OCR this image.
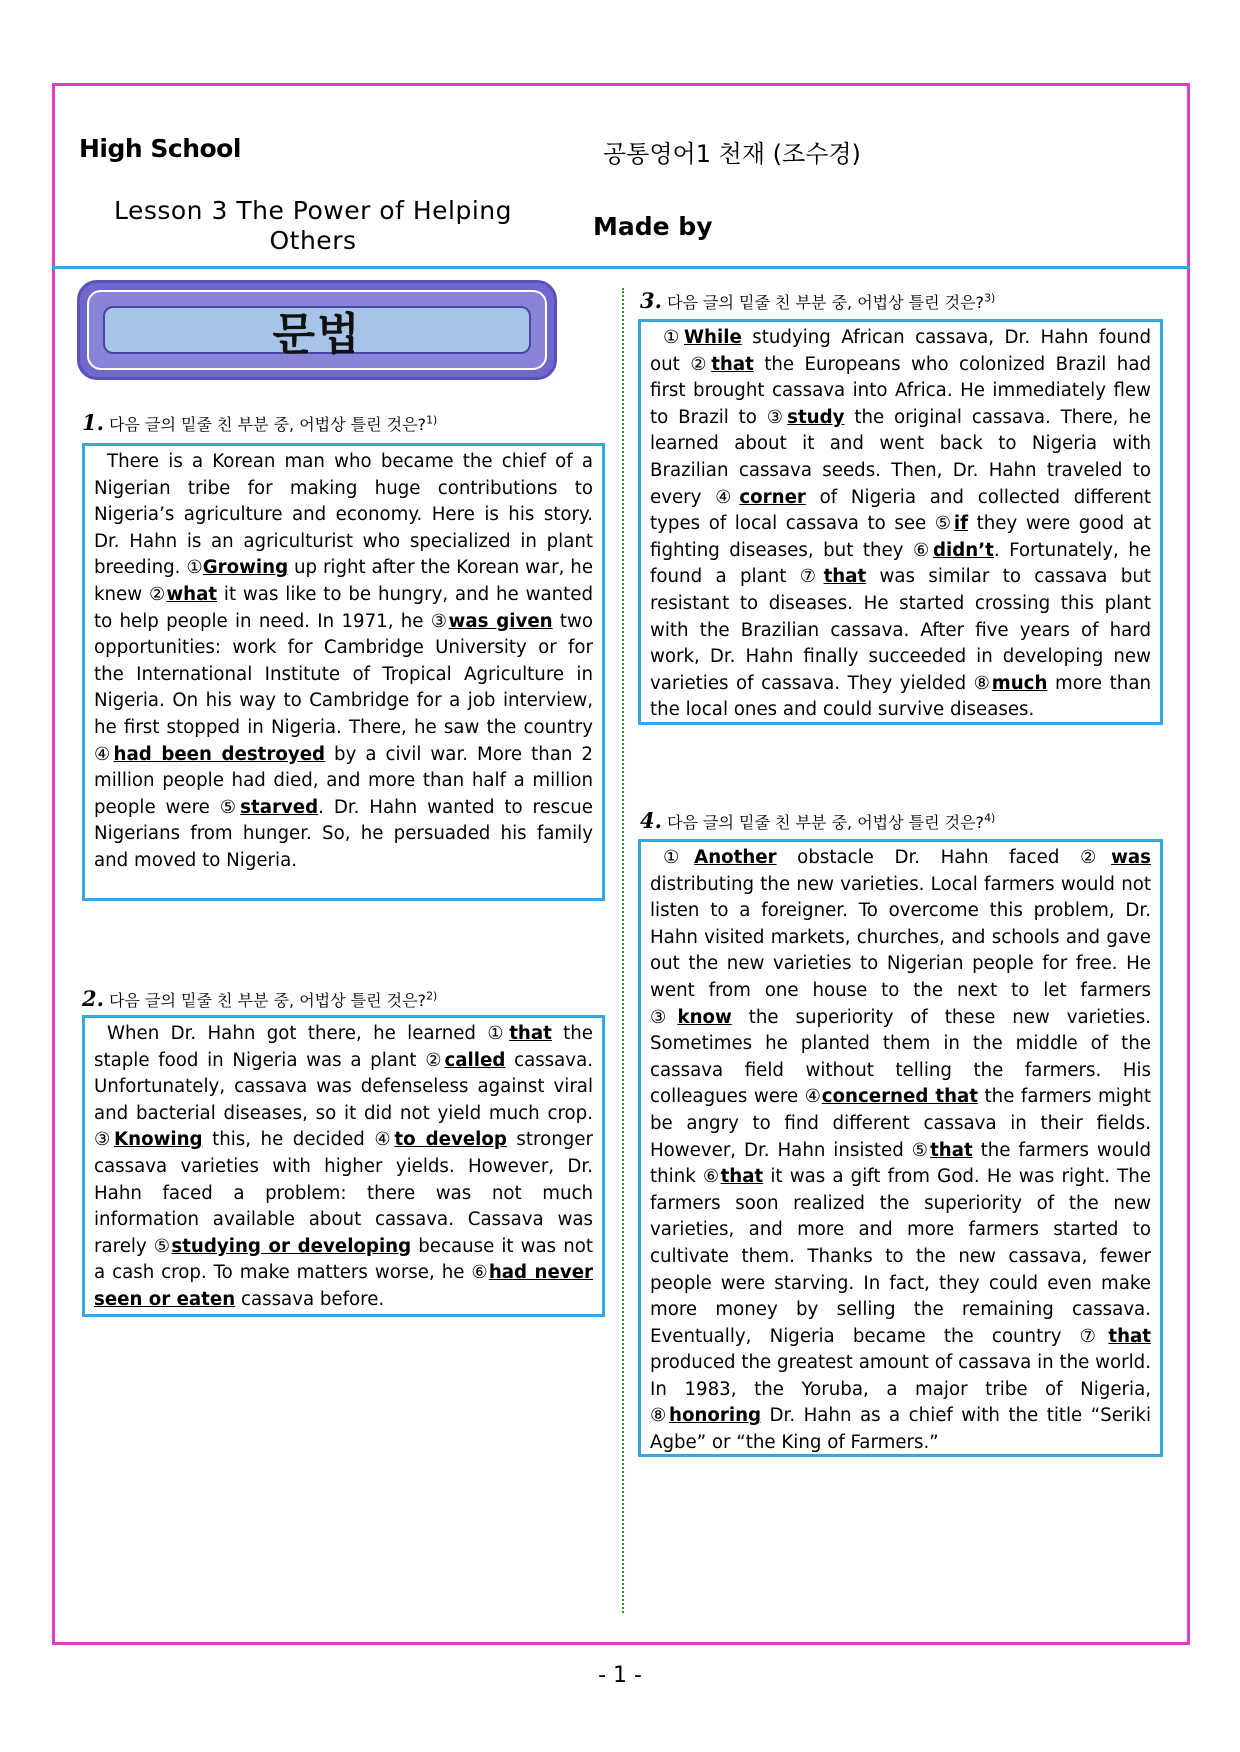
High School	공통영어1 천재 (조수경)
Lesson 3 The Power of Helping Others	Made by
문법
1. 다음 글의 밑줄 친 부분 중, 어법상 틀린 것은?$^{1)}$

There is a Korean man who became the chief of a Nigerian tribe for making huge contributions to Nigeria’s agriculture and economy. Here is his story. Dr. Hahn is an agriculturist who specialized in plant breeding. ①Growing up right after the Korean war, he knew ②what it was like to be hungry, and he wanted to help people in need. In 1971, he ③was given two opportunities: work for Cambridge University or for the International Institute of Tropical Agriculture in Nigeria. On his way to Cambridge for a job interview, he first stopped in Nigeria. There, he saw the country ④had been destroyed by a civil war. More than 2 million people had died, and more than half a million people were ⑤starved. Dr. Hahn wanted to rescue Nigerians from hunger. So, he persuaded his family and moved to Nigeria.

2. 다음 글의 밑줄 친 부분 중, 어법상 틀린 것은?$^{2)}$

When Dr. Hahn got there, he learned ①that the staple food in Nigeria was a plant ②called cassava. Unfortunately, cassava was defenseless against viral and bacterial diseases, so it did not yield much crop. ③Knowing this, he decided ④to develop stronger cassava varieties with higher yields. However, Dr. Hahn faced a problem: there was not much information available about cassava. Cassava was rarely ⑤studying or developing because it was not a cash crop. To make matters worse, he ⑥had never seen or eaten cassava before.

3. 다음 글의 밑줄 친 부분 중, 어법상 틀린 것은?$^{3)}$

①While studying African cassava, Dr. Hahn found out ②that the Europeans who colonized Brazil had first brought cassava into Africa. He immediately flew to Brazil to ③study the original cassava. There, he learned about it and went back to Nigeria with Brazilian cassava seeds. Then, Dr. Hahn traveled to every ④corner of Nigeria and collected different types of local cassava to see ⑤if they were good at fighting diseases, but they ⑥didn’t. Fortunately, he found a plant ⑦that was similar to cassava but resistant to diseases. He started crossing this plant with the Brazilian cassava. After five years of hard work, Dr. Hahn finally succeeded in developing new varieties of cassava. They yielded ⑧much more than the local ones and could survive diseases.

4. 다음 글의 밑줄 친 부분 중, 어법상 틀린 것은?$^{4)}$

①Another obstacle Dr. Hahn faced ②was distributing the new varieties. Local farmers would not listen to a foreigner. To overcome this problem, Dr. Hahn visited markets, churches, and schools and gave out the new varieties to Nigerian people for free. He went from one house to the next to let farmers ③know the superiority of these new varieties. Sometimes he planted them in the middle of the cassava field without telling the farmers. His colleagues were ④concerned that the farmers might be angry to find different cassava in their fields. However, Dr. Hahn insisted ⑤that the farmers would think ⑥that it was a gift from God. He was right. The farmers soon realized the superiority of the new varieties, and more and more farmers started to cultivate them. Thanks to the new cassava, fewer people were starving. In fact, they could even make more money by selling the remaining cassava. Eventually, Nigeria became the country ⑦that produced the greatest amount of cassava in the world. In 1983, the Yoruba, a major tribe of Nigeria, ⑧honoring Dr. Hahn as a chief with the title “Seriki Agbe” or “the King of Farmers.”

- 1 -
